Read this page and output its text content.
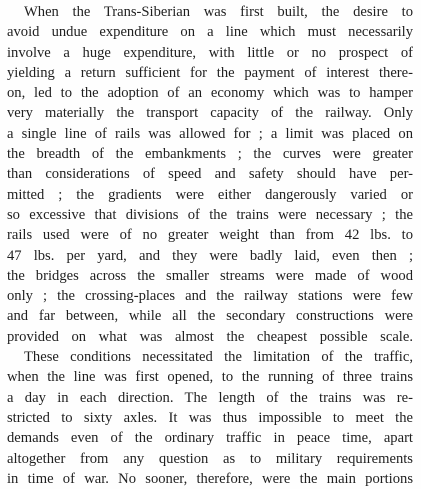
When the Trans-Siberian was first built, the desire to
avoid undue expenditure on a line which must necessarily
involve a huge expenditure, with little or no prospect of
yielding a return sufficient for the payment of interest there-
on, led to the adoption of an economy which was to hamper
very materially the transport capacity of the railway. Only
a single line of rails was allowed for ; a limit was placed on
the breadth of the embankments ; the curves were greater
than considerations of speed and safety should have per-
mitted ; the gradients were either dangerously varied or
so excessive that divisions of the trains were necessary ; the
rails used were of no greater weight than from 42 lbs. to
47 lbs. per yard, and they were badly laid, even then ;
the bridges across the smaller streams were made of wood
only ; the crossing-places and the railway stations were few
and far between, while all the secondary constructions were
provided on what was almost the cheapest possible scale.
These conditions necessitated the limitation of the traffic,
when the line was first opened, to the running of three trains
a day in each direction. The length of the trains was re-
stricted to sixty axles. It was thus impossible to meet the
demands even of the ordinary traffic in peace time, apart
altogether from any question as to military requirements
in time of war. No sooner, therefore, were the main portions
